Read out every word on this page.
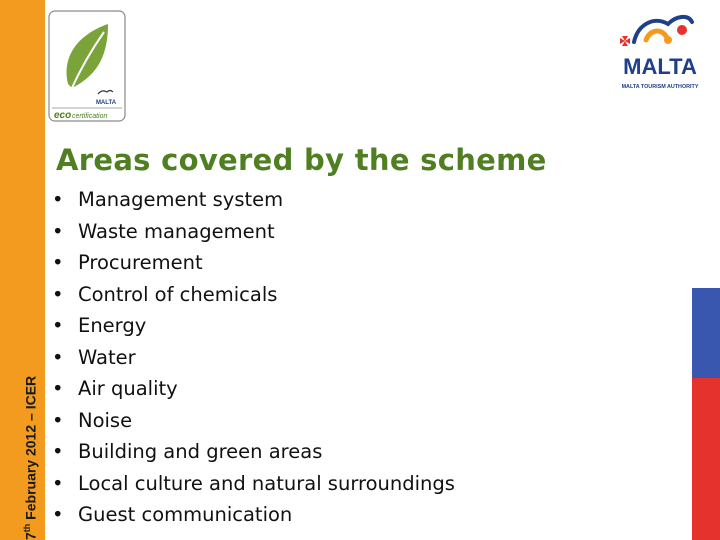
7th February 2012 – ICER
MALTA
eco certification
MALTA
MALTA TOURISM AUTHORITY
Areas covered by the scheme
• Management system
• Waste management
• Procurement
• Control of chemicals
• Energy
• Water
• Air quality
• Noise
• Building and green areas
• Local culture and natural surroundings
• Guest communication
